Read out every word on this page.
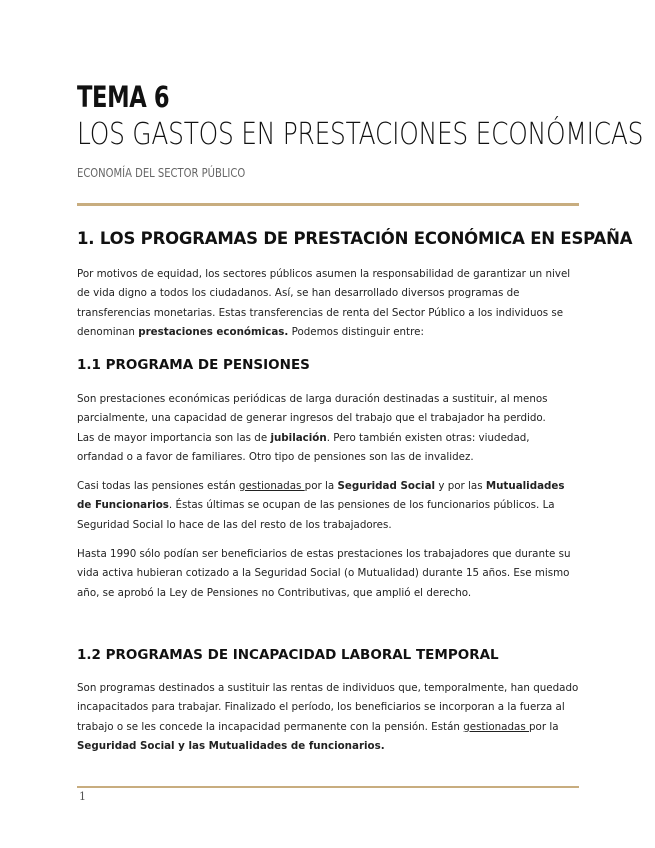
TEMA 6
LOS GASTOS EN PRESTACIONES ECONÓMICAS
ECONOMÍA DEL SECTOR PÚBLICO
1. LOS PROGRAMAS DE PRESTACIÓN ECONÓMICA EN ESPAÑA

Por motivos de equidad, los sectores públicos asumen la responsabilidad de garantizar un nivel de vida digno a todos los ciudadanos. Así, se han desarrollado diversos programas de transferencias monetarias. Estas transferencias de renta del Sector Público a los individuos se denominan prestaciones económicas. Podemos distinguir entre:

1.1 PROGRAMA DE PENSIONES

Son prestaciones económicas periódicas de larga duración destinadas a sustituir, al menos parcialmente, una capacidad de generar ingresos del trabajo que el trabajador ha perdido.
Las de mayor importancia son las de jubilación. Pero también existen otras: viudedad, orfandad o a favor de familiares. Otro tipo de pensiones son las de invalidez.

Casi todas las pensiones están gestionadas por la Seguridad Social y por las Mutualidades de Funcionarios. Éstas últimas se ocupan de las pensiones de los funcionarios públicos. La Seguridad Social lo hace de las del resto de los trabajadores.

Hasta 1990 sólo podían ser beneficiarios de estas prestaciones los trabajadores que durante su vida activa hubieran cotizado a la Seguridad Social (o Mutualidad) durante 15 años. Ese mismo año, se aprobó la Ley de Pensiones no Contributivas, que amplió el derecho.

1.2 PROGRAMAS DE INCAPACIDAD LABORAL TEMPORAL

Son programas destinados a sustituir las rentas de individuos que, temporalmente, han quedado incapacitados para trabajar. Finalizado el período, los beneficiarios se incorporan a la fuerza al trabajo o se les concede la incapacidad permanente con la pensión. Están gestionadas por la Seguridad Social y las Mutualidades de funcionarios.

1
